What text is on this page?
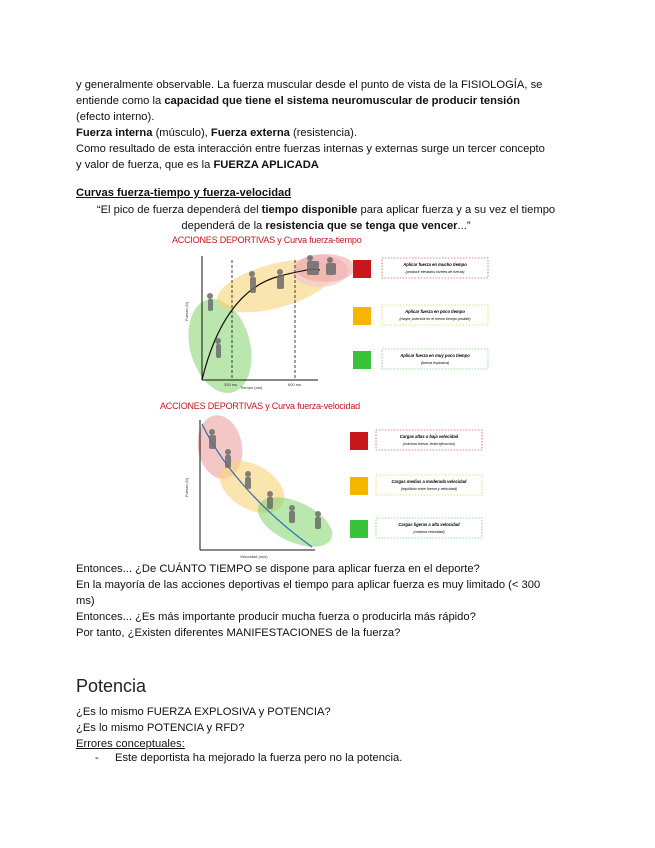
y generalmente observable. La fuerza muscular desde el punto de vista de la FISIOLOGÍA, se

entiende como la capacidad que tiene el sistema neuromuscular de producir tensión

(efecto interno).

Fuerza interna (músculo), Fuerza externa (resistencia).

Como resultado de esta interacción entre fuerzas internas y externas surge un tercer concepto

y valor de fuerza, que es la FUERZA APLICADA

Curvas fuerza-tiempo y fuerza-velocidad
“El pico de fuerza dependerá del tiempo disponible para aplicar fuerza y a su vez el tiempo
dependerá de la resistencia que se tenga que vencer...”
ACCIONES DEPORTIVAS y Curva fuerza-tiempo
Fuerza (N)
Tiempo (ms)
300 ms	600 ms
Aplicar fuerza en mucho tiempo
(producir elevados niveles de fuerza)
Aplicar fuerza en poco tiempo
(mayor potencia en el menor tiempo posible)
Aplicar fuerza en muy poco tiempo
(fuerza explosiva)
ACCIONES DEPORTIVAS y Curva fuerza-velocidad
Fuerza (N)
Velocidad (m/s)
Cargas altas a baja velocidad
(máxima fuerza, lenta ejecución)
Cargas medias a moderada velocidad
(equilibrio entre fuerza y velocidad)
Cargas ligeras a alta velocidad
(máxima velocidad)

Entonces... ¿De CUÁNTO TIEMPO se dispone para aplicar fuerza en el deporte?

En la mayoría de las acciones deportivas el tiempo para aplicar fuerza es muy limitado (< 300

ms)

Entonces... ¿Es más importante producir mucha fuerza o producirla más rápido?

Por tanto, ¿Existen diferentes MANIFESTACIONES de la fuerza?

Potencia

¿Es lo mismo FUERZA EXPLOSIVA y POTENCIA?

¿Es lo mismo POTENCIA y RFD?

Errores conceptuales:

- Este deportista ha mejorado la fuerza pero no la potencia.
